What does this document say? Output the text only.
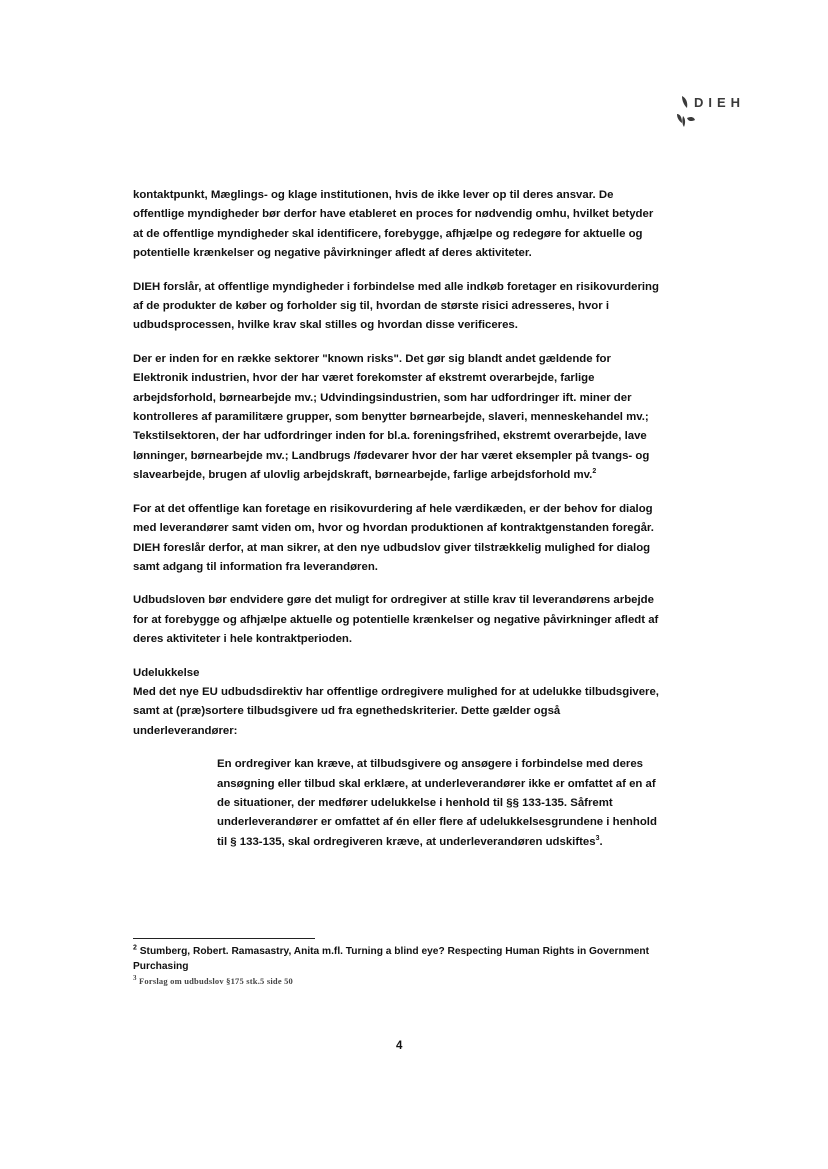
DIEH

kontaktpunkt, Mæglings- og klage institutionen, hvis de ikke lever op til deres ansvar. De offentlige myndigheder bør derfor have etableret en proces for nødvendig omhu, hvilket betyder at de offentlige myndigheder skal identificere, forebygge, afhjælpe og redegøre for aktuelle og potentielle krænkelser og negative påvirkninger afledt af deres aktiviteter.

DIEH forslår, at offentlige myndigheder i forbindelse med alle indkøb foretager en risikovurdering af de produkter de køber og forholder sig til, hvordan de største risici adresseres, hvor i udbudsprocessen, hvilke krav skal stilles og hvordan disse verificeres.

Der er inden for en række sektorer "known risks". Det gør sig blandt andet gældende for Elektronik industrien, hvor der har været forekomster af ekstremt overarbejde, farlige arbejdsforhold, børnearbejde mv.; Udvindingsindustrien, som har udfordringer ift. miner der kontrolleres af paramilitære grupper, som benytter børnearbejde, slaveri, menneskehandel mv.; Tekstilsektoren, der har udfordringer inden for bl.a. foreningsfrihed, ekstremt overarbejde, lave lønninger, børnearbejde mv.; Landbrugs /fødevarer hvor der har været eksempler på tvangs- og slavearbejde, brugen af ulovlig arbejdskraft, børnearbejde, farlige arbejdsforhold mv.$^2$

For at det offentlige kan foretage en risikovurdering af hele værdikæden, er der behov for dialog med leverandører samt viden om, hvor og hvordan produktionen af kontraktgenstanden foregår. DIEH foreslår derfor, at man sikrer, at den nye udbudslov giver tilstrækkelig mulighed for dialog samt adgang til information fra leverandøren.

Udbudsloven bør endvidere gøre det muligt for ordregiver at stille krav til leverandørens arbejde for at forebygge og afhjælpe aktuelle og potentielle krænkelser og negative påvirkninger afledt af deres aktiviteter i hele kontraktperioden.

Udelukkelse

Med det nye EU udbudsdirektiv har offentlige ordregivere mulighed for at udelukke tilbudsgivere, samt at (præ)sortere tilbudsgivere ud fra egnethedskriterier. Dette gælder også underleverandører:

En ordregiver kan kræve, at tilbudsgivere og ansøgere i forbindelse med deres ansøgning eller tilbud skal erklære, at underleverandører ikke er omfattet af en af de situationer, der medfører udelukkelse i henhold til §§ 133-135. Såfremt underleverandører er omfattet af én eller flere af udelukkelsesgrundene i henhold til § 133-135, skal ordregiveren kræve, at underleverandøren udskiftes$^3$.
$^2$ Stumberg, Robert. Ramasastry, Anita m.fl. Turning a blind eye? Respecting Human Rights in Government Purchasing
$^3$ Forslag om udbudslov §175 stk.5 side 50
4
